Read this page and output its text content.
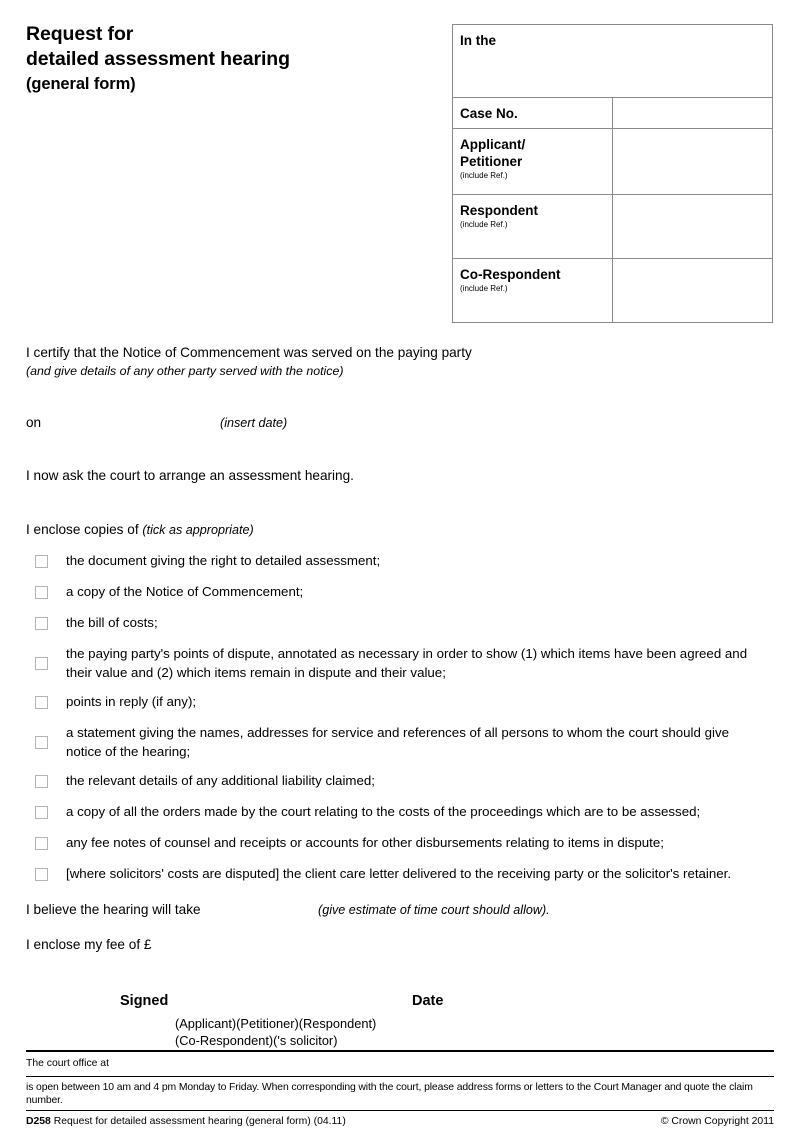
Request for
detailed assessment hearing
(general form)
In the	

Case No.	

Applicant/
Petitioner
(include Ref.)	

Respondent
(include Ref.)	

Co-Respondent
(include Ref.)	

I certify that the Notice of Commencement was served on the paying party
(and give details of any other party served with the notice)
on	(insert date)
I now ask the court to arrange an assessment hearing.
I enclose copies of (tick as appropriate)
the document giving the right to detailed assessment;
a copy of the Notice of Commencement;
the bill of costs;
the paying party's points of dispute, annotated as necessary in order to show (1) which items have been agreed and their value and (2) which items remain in dispute and their value;
points in reply (if any);
a statement giving the names, addresses for service and references of all persons to whom the court should give notice of the hearing;
the relevant details of any additional liability claimed;
a copy of all the orders made by the court relating to the costs of the proceedings which are to be assessed;
any fee notes of counsel and receipts or accounts for other disbursements relating to items in dispute;
[where solicitors' costs are disputed] the client care letter delivered to the receiving party or the solicitor's retainer.
I believe the hearing will take	(give estimate of time court should allow).
I enclose my fee of £
Signed	Date
(Applicant)(Petitioner)(Respondent)
(Co-Respondent)('s solicitor)
The court office at
is open between 10 am and 4 pm Monday to Friday. When corresponding with the court, please address forms or letters to the Court Manager and quote the claim number.
D258 Request for detailed assessment hearing (general form) (04.11)	© Crown Copyright 2011
